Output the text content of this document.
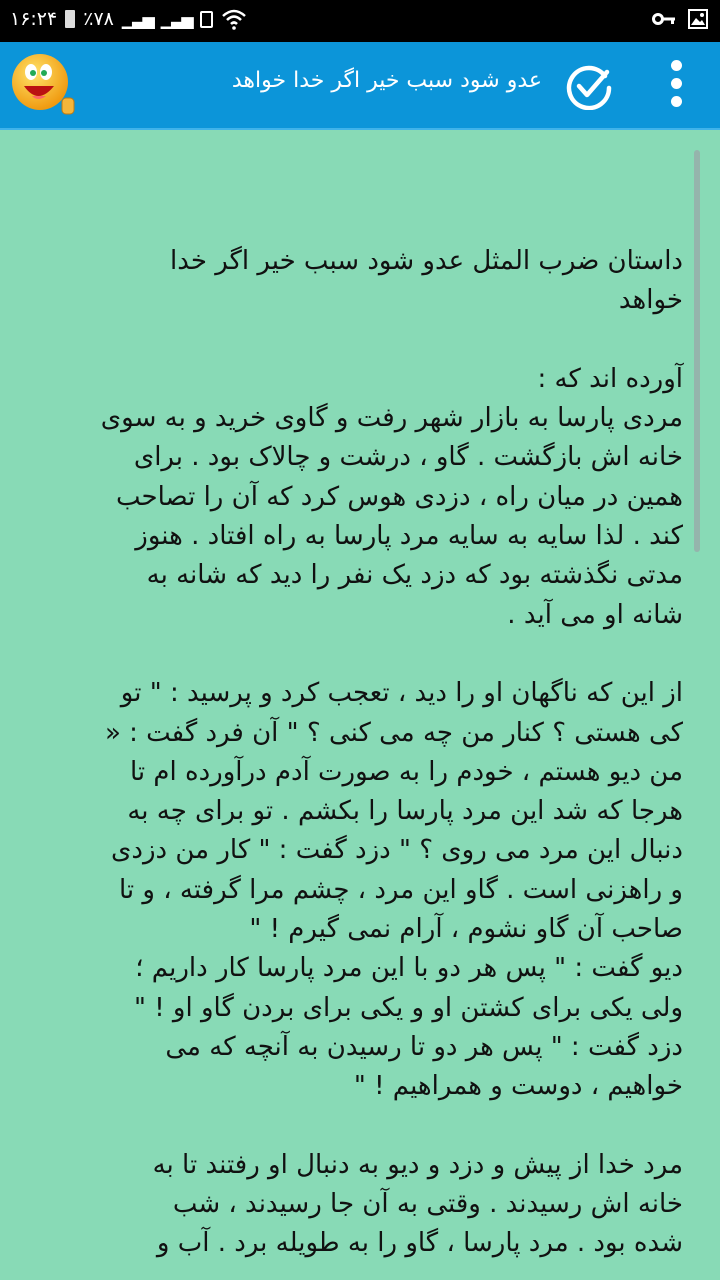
۱۶:۲۴ ٪۷۸ ▁▃▅ ▁▃▅
عدو شود سبب خیر اگر خدا خواهد
داستان ضرب المثل عدو شود سبب خیر اگر خدا
خواهد
آورده اند که :
مردی پارسا به بازار شهر رفت و گاوی خرید و به سوی
خانه اش بازگشت . گاو ، درشت و چالاک بود . برای
همین در میان راه ، دزدی هوس کرد که آن را تصاحب
کند . لذا سایه به سایه مرد پارسا به راه افتاد . هنوز
مدتی نگذشته بود که دزد یک نفر را دید که شانه به
شانه او می آید .
از این که ناگهان او را دید ، تعجب کرد و پرسید : " تو
کی هستی ؟ کنار من چه می کنی ؟ " آن فرد گفت : «
من دیو هستم ، خودم را به صورت آدم درآورده ام تا
هرجا که شد این مرد پارسا را بکشم . تو برای چه به
دنبال این مرد می روی ؟ " دزد گفت : " کار من دزدی
و راهزنی است . گاو این مرد ، چشم مرا گرفته ، و تا
صاحب آن گاو نشوم ، آرام نمی گیرم ! "
دیو گفت : " پس هر دو با این مرد پارسا کار داریم ؛
ولی یکی برای کشتن او و یکی برای بردن گاو او ! "
دزد گفت : " پس هر دو تا رسیدن به آنچه که می
خواهیم ، دوست و همراهیم ! "
مرد خدا از پیش و دزد و دیو به دنبال او رفتند تا به
خانه اش رسیدند . وقتی به آن جا رسیدند ، شب
شده بود . مرد پارسا ، گاو را به طویله برد . آب و
